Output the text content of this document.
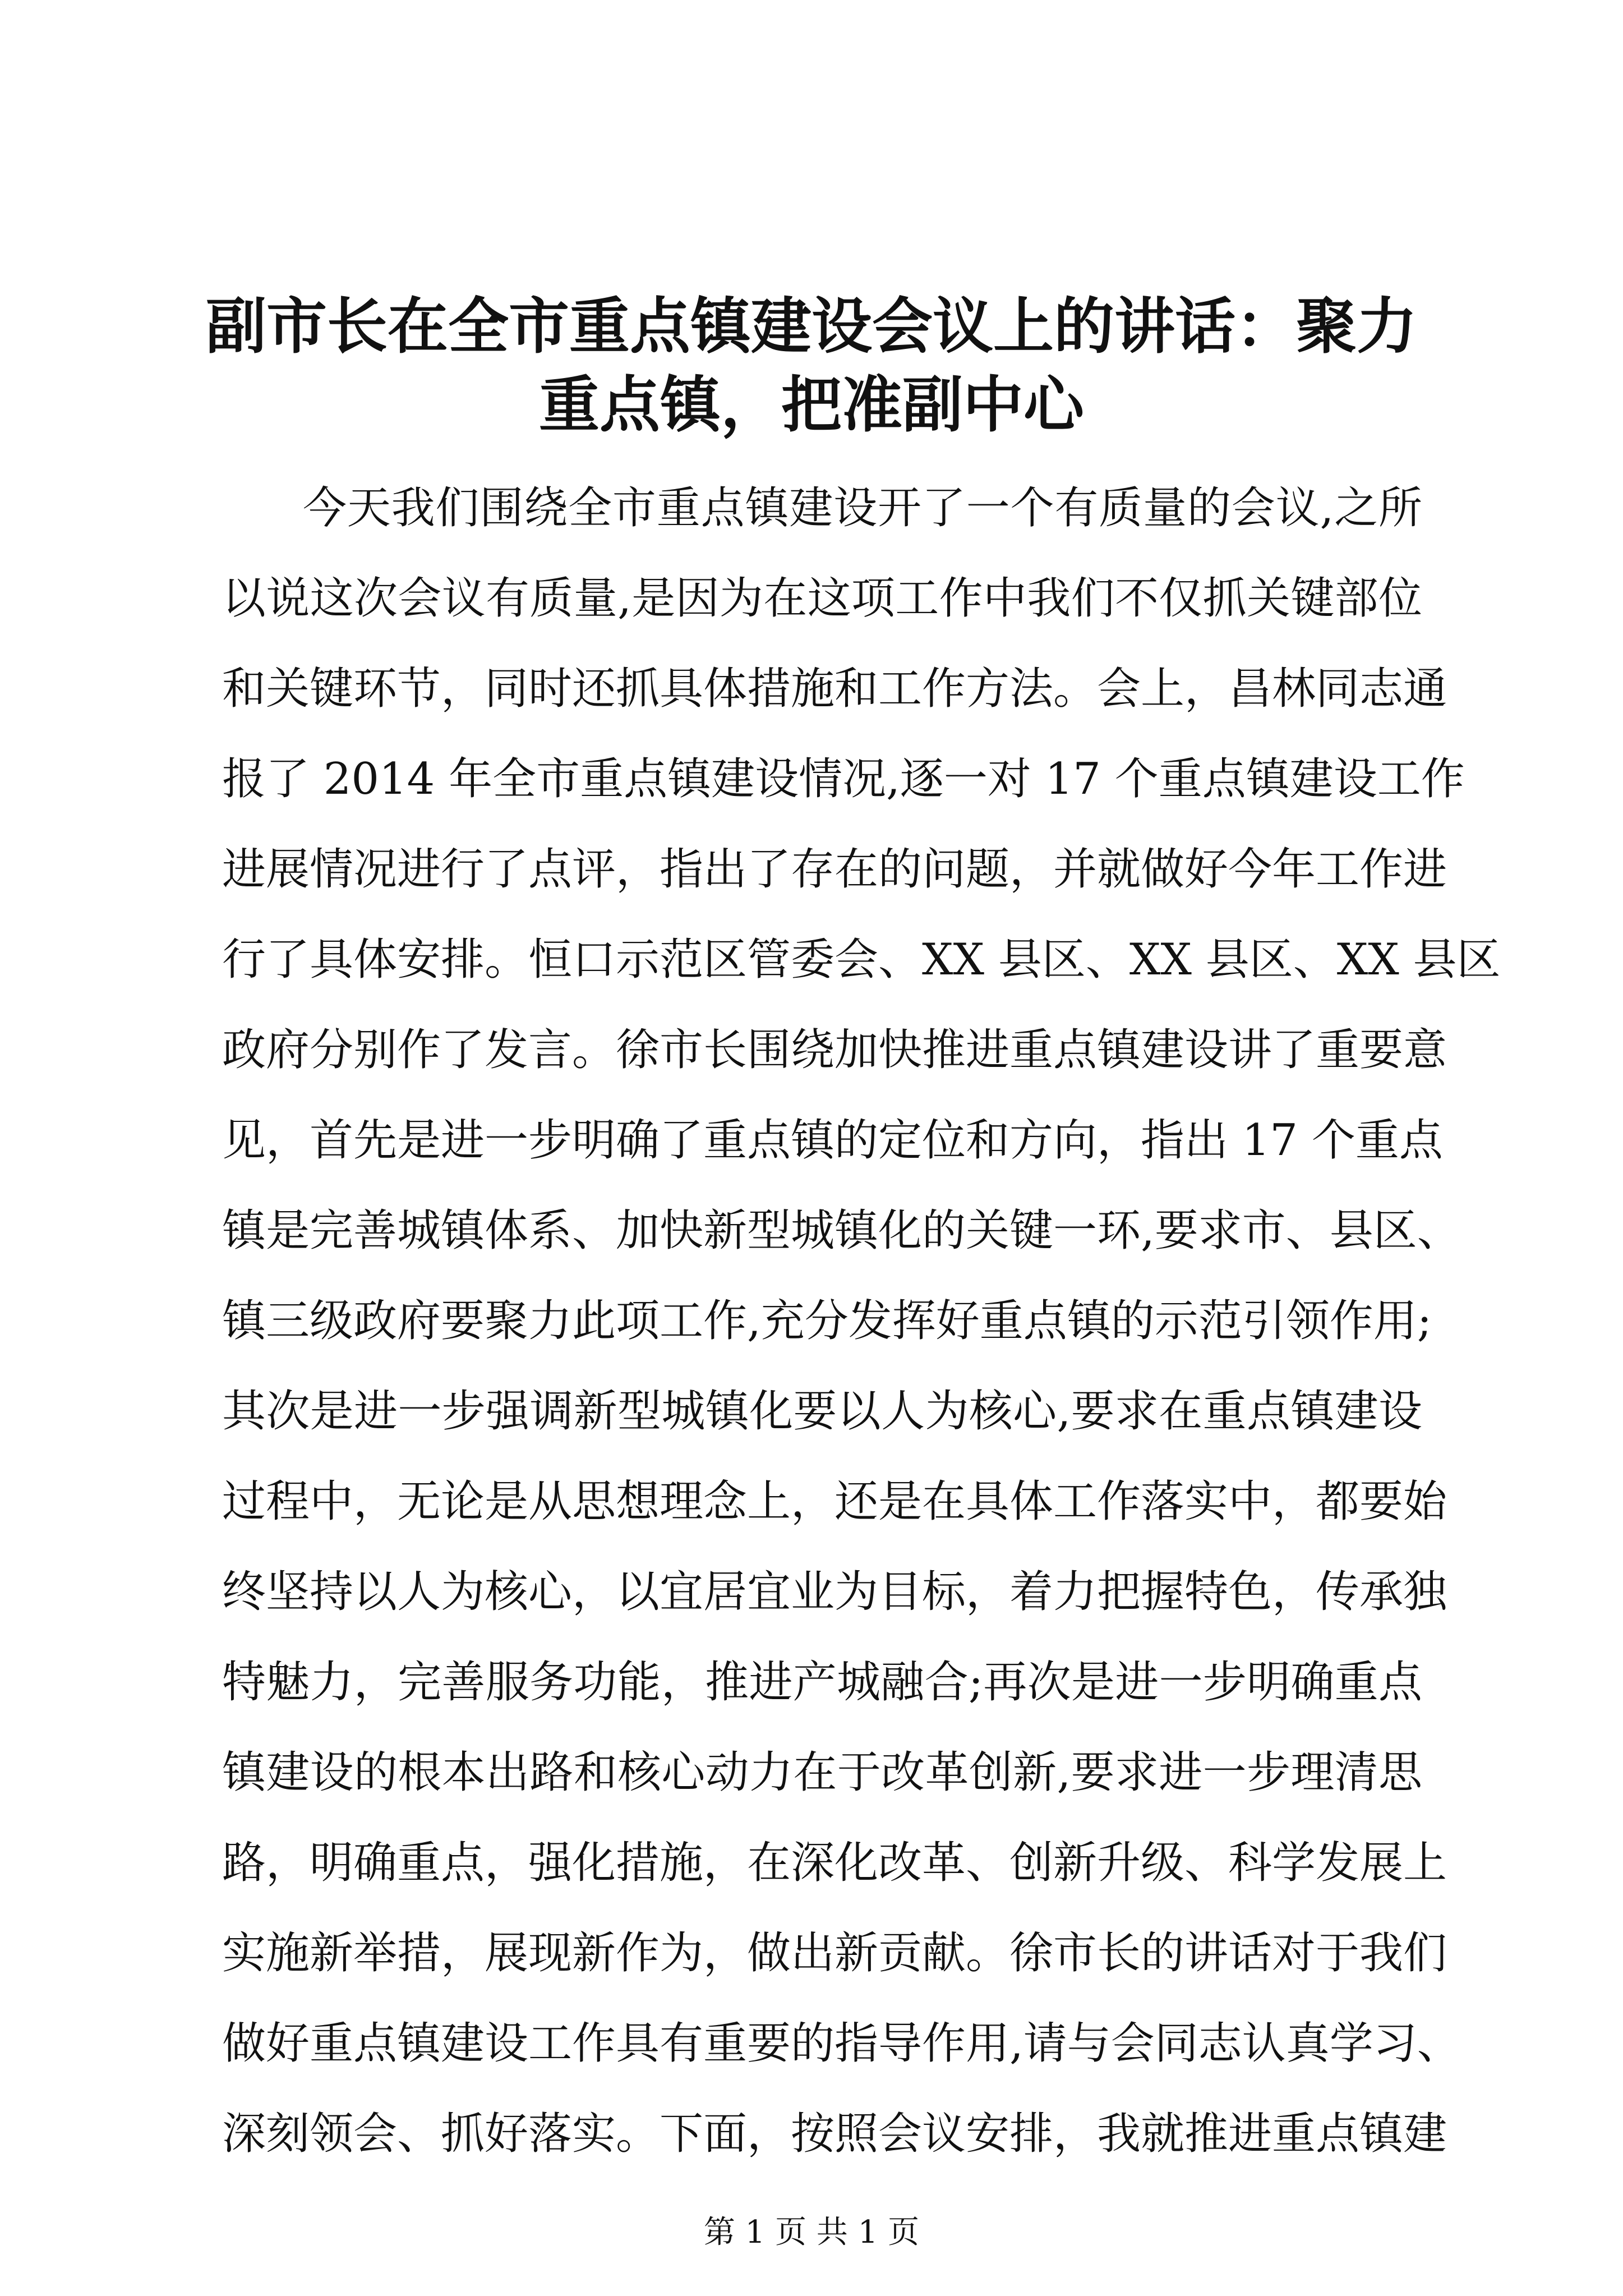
副市长在全市重点镇建设会议上的讲话：聚力
重点镇，把准副中心

今天我们围绕全市重点镇建设开了一个有质量的会议,之所

以说这次会议有质量,是因为在这项工作中我们不仅抓关键部位

和关键环节，同时还抓具体措施和工作方法。会上，昌林同志通

报了 2014 年全市重点镇建设情况,逐一对 17 个重点镇建设工作

进展情况进行了点评，指出了存在的问题，并就做好今年工作进

行了具体安排。恒口示范区管委会、XX 县区、XX 县区、XX 县区

政府分别作了发言。徐市长围绕加快推进重点镇建设讲了重要意

见，首先是进一步明确了重点镇的定位和方向，指出 17 个重点

镇是完善城镇体系、加快新型城镇化的关键一环,要求市、县区、

镇三级政府要聚力此项工作,充分发挥好重点镇的示范引领作用;

其次是进一步强调新型城镇化要以人为核心,要求在重点镇建设

过程中，无论是从思想理念上，还是在具体工作落实中，都要始

终坚持以人为核心，以宜居宜业为目标，着力把握特色，传承独

特魅力，完善服务功能，推进产城融合;再次是进一步明确重点

镇建设的根本出路和核心动力在于改革创新,要求进一步理清思

路，明确重点，强化措施，在深化改革、创新升级、科学发展上

实施新举措，展现新作为，做出新贡献。徐市长的讲话对于我们

做好重点镇建设工作具有重要的指导作用,请与会同志认真学习、

深刻领会、抓好落实。下面，按照会议安排，我就推进重点镇建

第 1 页 共 1 页
